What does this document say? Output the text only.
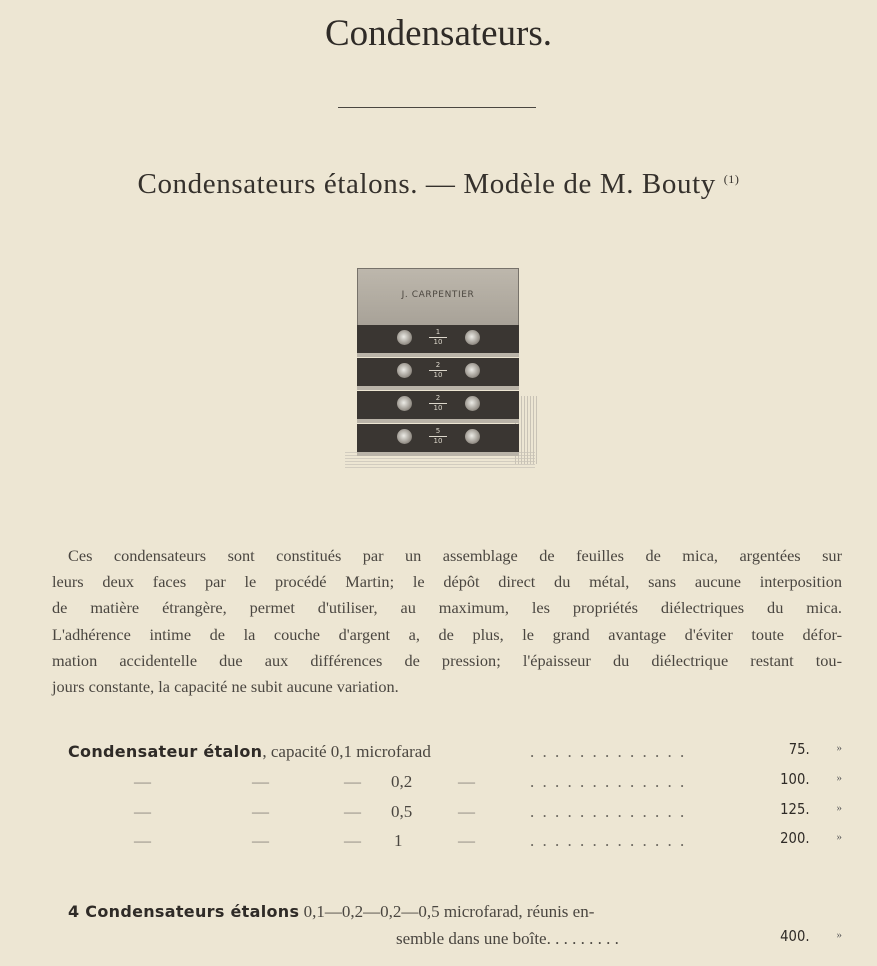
Condensateurs.
Condensateurs étalons. — Modèle de M. Bouty $^{(1)}$
J. CARPENTIER
$\frac{1}{10}$
$\frac{2}{10}$
$\frac{2}{10}$
$\frac{5}{10}$
Ces condensateurs sont constitués par un assemblage de feuilles de mica, argentées sur
leurs deux faces par le procédé Martin; le dépôt direct du métal, sans aucune interposition
de matière étrangère, permet d'utiliser, au maximum, les propriétés diélectriques du mica.
L'adhérence intime de la couche d'argent a, de plus, le grand avantage d'éviter toute défor-
mation accidentelle due aux différences de pression; l'épaisseur du diélectrique restant tou-
jours constante, la capacité ne subit aucune variation.
Condensateur étalon, capacité 0,1 microfarad	. . . . . . . . . . . . .	75. »
—	—	— 0,2	—	. . . . . . . . . . . . .	100. »
—	—	— 0,5	—	. . . . . . . . . . . . .	125. »
—	—	— 1	—	. . . . . . . . . . . . .	200. »
4 Condensateurs étalons 0,1—0,2—0,2—0,5 microfarad, réunis en-
semble dans une boîte. . . . . . . . .	400. »
